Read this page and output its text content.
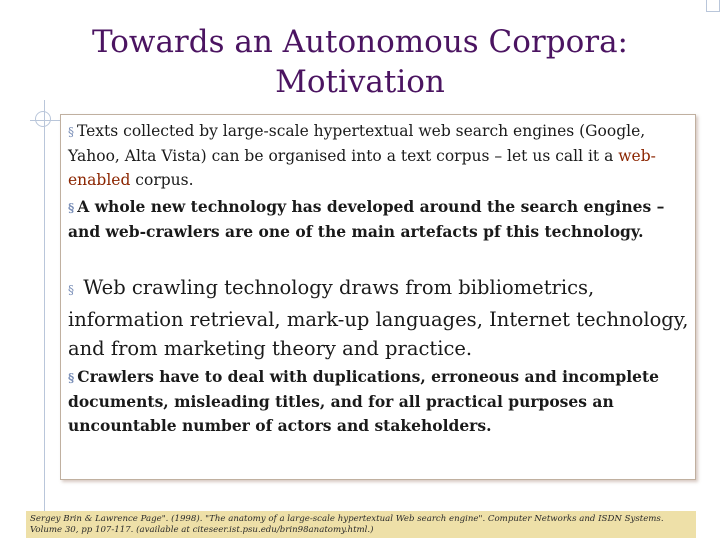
Towards an Autonomous Corpora:
Motivation

§ Texts collected by large-scale hypertextual web search engines (Google, Yahoo, Alta Vista) can be organised into a text corpus – let us call it a web-enabled corpus.

§ A whole new technology has developed around the search engines – and web-crawlers are one of the main artefacts pf this technology.

§ Web crawling technology draws from bibliometrics, information retrieval, mark-up languages, Internet technology, and from marketing theory and practice.

§ Crawlers have to deal with duplications, erroneous and incomplete documents, misleading titles, and for all practical purposes an uncountable number of actors and stakeholders.

Sergey Brin & Lawrence Page". (1998). "The anatomy of a large-scale hypertextual Web search engine". Computer Networks and ISDN Systems. Volume 30, pp 107-117. (available at citeseer.ist.psu.edu/brin98anatomy.html.)
